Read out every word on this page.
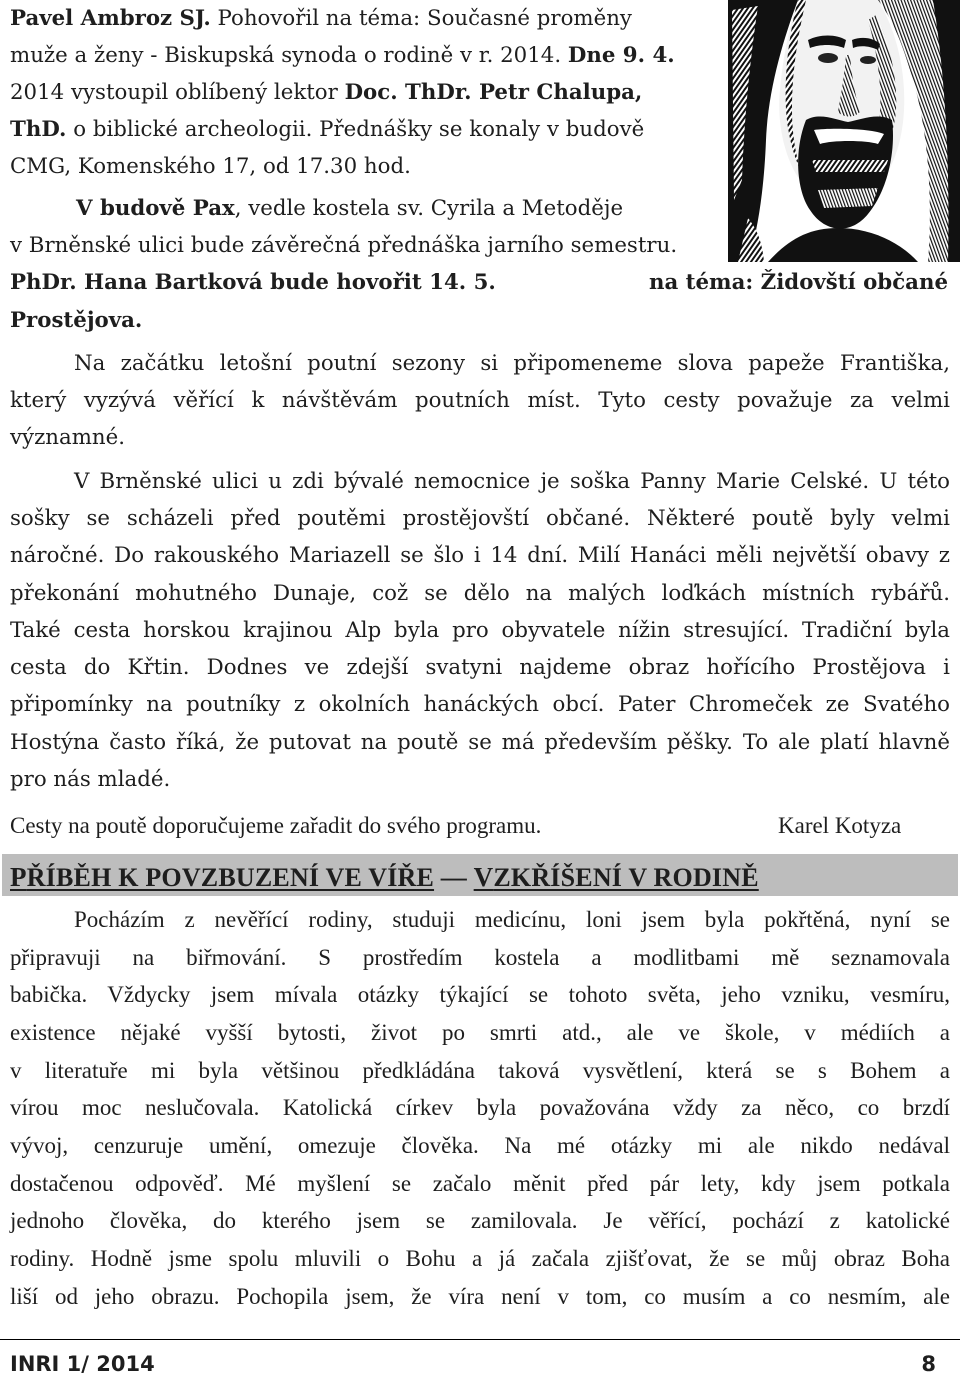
Pavel Ambroz SJ. Pohovořil na téma: Současné proměny
muže a ženy - Biskupská synoda o rodině v r. 2014. Dne 9. 4.
2014 vystoupil oblíbený lektor Doc. ThDr. Petr Chalupa,
ThD. o biblické archeologii. Přednášky se konaly v budově
CMG, Komenského 17, od 17.30 hod.
V budově Pax, vedle kostela sv. Cyrila a Metoděje
v Brněnské ulici bude závěrečná přednáška jarního semestru.
PhDr. Hana Bartková bude hovořit 14. 5.	na téma: Židovští občané
Prostějova.
Na začátku letošní poutní sezony si připomeneme slova papeže Františka,
který vyzývá věřící k návštěvám poutních míst. Tyto cesty považuje za velmi
významné.
V Brněnské ulici u zdi bývalé nemocnice je soška Panny Marie Celské. U této
sošky se scházeli před poutěmi prostějovští občané. Některé poutě byly velmi
náročné. Do rakouského Mariazell se šlo i 14 dní. Milí Hanáci měli největší obavy z
překonání mohutného Dunaje, což se dělo na malých loďkách místních rybářů.
Také cesta horskou krajinou Alp byla pro obyvatele nížin stresující. Tradiční byla
cesta do Křtin. Dodnes ve zdejší svatyni najdeme obraz hořícího Prostějova i
připomínky na poutníky z okolních hanáckých obcí. Pater Chromeček ze Svatého
Hostýna často říká, že putovat na poutě se má především pěšky. To ale platí hlavně
pro nás mladé.
Cesty na poutě doporučujeme zařadit do svého programu.	Karel Kotyza
PŘÍBĚH K POVZBUZENÍ VE VÍŘE — VZKŘÍŠENÍ V RODINĚ
Pocházím z nevěřící rodiny, studuji medicínu, loni jsem byla pokřtěná, nyní se
připravuji na biřmování. S prostředím kostela a modlitbami mě seznamovala
babička. Vždycky jsem mívala otázky týkající se tohoto světa, jeho vzniku, vesmíru,
existence nějaké vyšší bytosti, život po smrti atd., ale ve škole, v médiích a
v literatuře mi byla většinou předkládána taková vysvětlení, která se s Bohem a
vírou moc neslučovala. Katolická církev byla považována vždy za něco, co brzdí
vývoj, cenzuruje umění, omezuje člověka. Na mé otázky mi ale nikdo nedával
dostačenou odpověď. Mé myšlení se začalo měnit před pár lety, kdy jsem potkala
jednoho člověka, do kterého jsem se zamilovala. Je věřící, pochází z katolické
rodiny. Hodně jsme spolu mluvili o Bohu a já začala zjišťovat, že se můj obraz Boha
liší od jeho obrazu. Pochopila jsem, že víra není v tom, co musím a co nesmím, ale
INRI 1/ 2014	8
